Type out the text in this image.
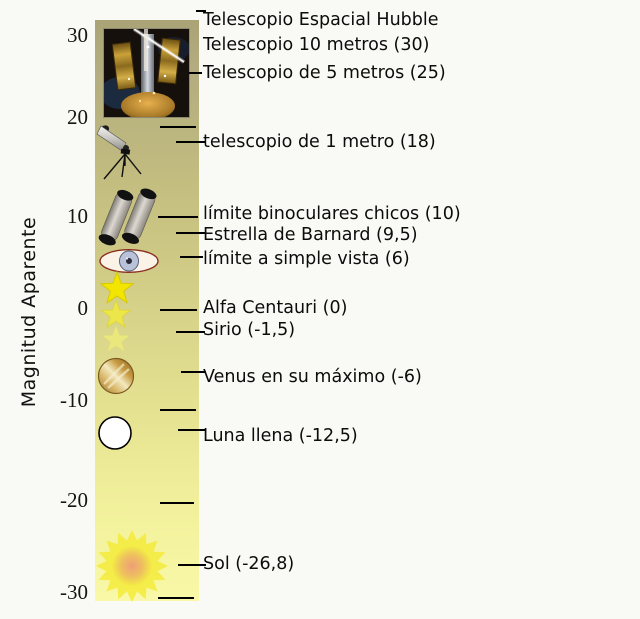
Magnitud Aparente
30
20
10
0
-10
-20
-30
Telescopio Espacial Hubble
Telescopio 10 metros (30)
Telescopio de 5 metros (25)
telescopio de 1 metro (18)
límite binoculares chicos (10)
Estrella de Barnard (9,5)
límite a simple vista (6)
Alfa Centauri (0)
Sirio (-1,5)
Venus en su máximo (-6)
Luna llena (-12,5)
Sol (-26,8)
